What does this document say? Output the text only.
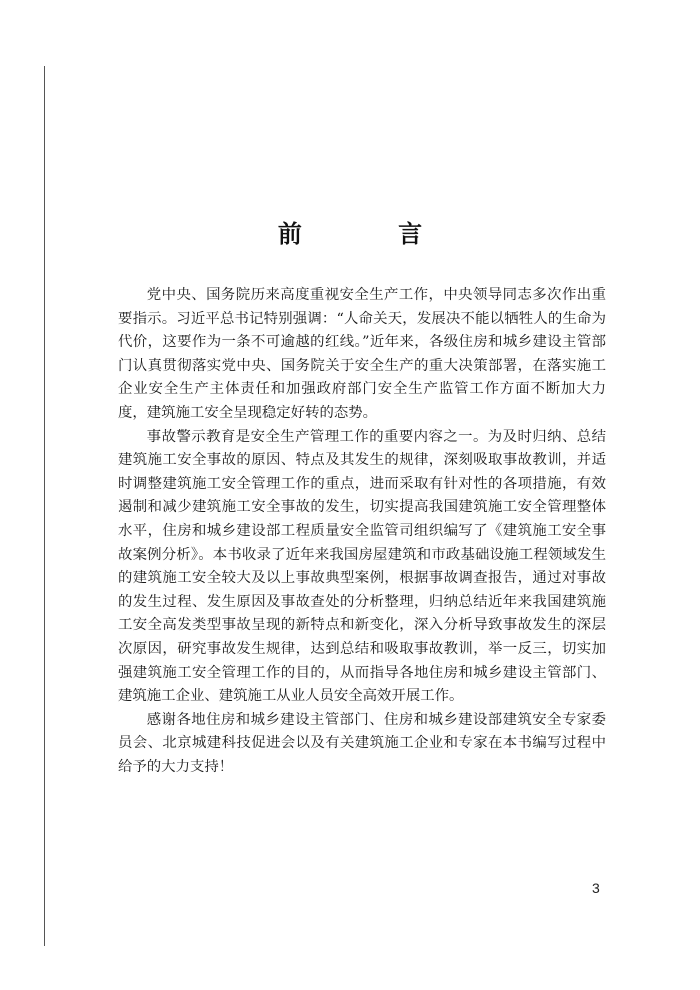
前 言

党中央、国务院历来高度重视安全生产工作，中央领导同志多次作出重要指示。习近平总书记特别强调：“人命关天，发展决不能以牺牲人的生命为代价，这要作为一条不可逾越的红线。”近年来，各级住房和城乡建设主管部门认真贯彻落实党中央、国务院关于安全生产的重大决策部署，在落实施工企业安全生产主体责任和加强政府部门安全生产监管工作方面不断加大力度，建筑施工安全呈现稳定好转的态势。

事故警示教育是安全生产管理工作的重要内容之一。为及时归纳、总结建筑施工安全事故的原因、特点及其发生的规律，深刻吸取事故教训，并适时调整建筑施工安全管理工作的重点，进而采取有针对性的各项措施，有效遏制和减少建筑施工安全事故的发生，切实提高我国建筑施工安全管理整体水平，住房和城乡建设部工程质量安全监管司组织编写了《建筑施工安全事故案例分析》。本书收录了近年来我国房屋建筑和市政基础设施工程领域发生的建筑施工安全较大及以上事故典型案例，根据事故调查报告，通过对事故的发生过程、发生原因及事故查处的分析整理，归纳总结近年来我国建筑施工安全高发类型事故呈现的新特点和新变化，深入分析导致事故发生的深层次原因，研究事故发生规律，达到总结和吸取事故教训，举一反三，切实加强建筑施工安全管理工作的目的，从而指导各地住房和城乡建设主管部门、建筑施工企业、建筑施工从业人员安全高效开展工作。

感谢各地住房和城乡建设主管部门、住房和城乡建设部建筑安全专家委员会、北京城建科技促进会以及有关建筑施工企业和专家在本书编写过程中给予的大力支持！

3
